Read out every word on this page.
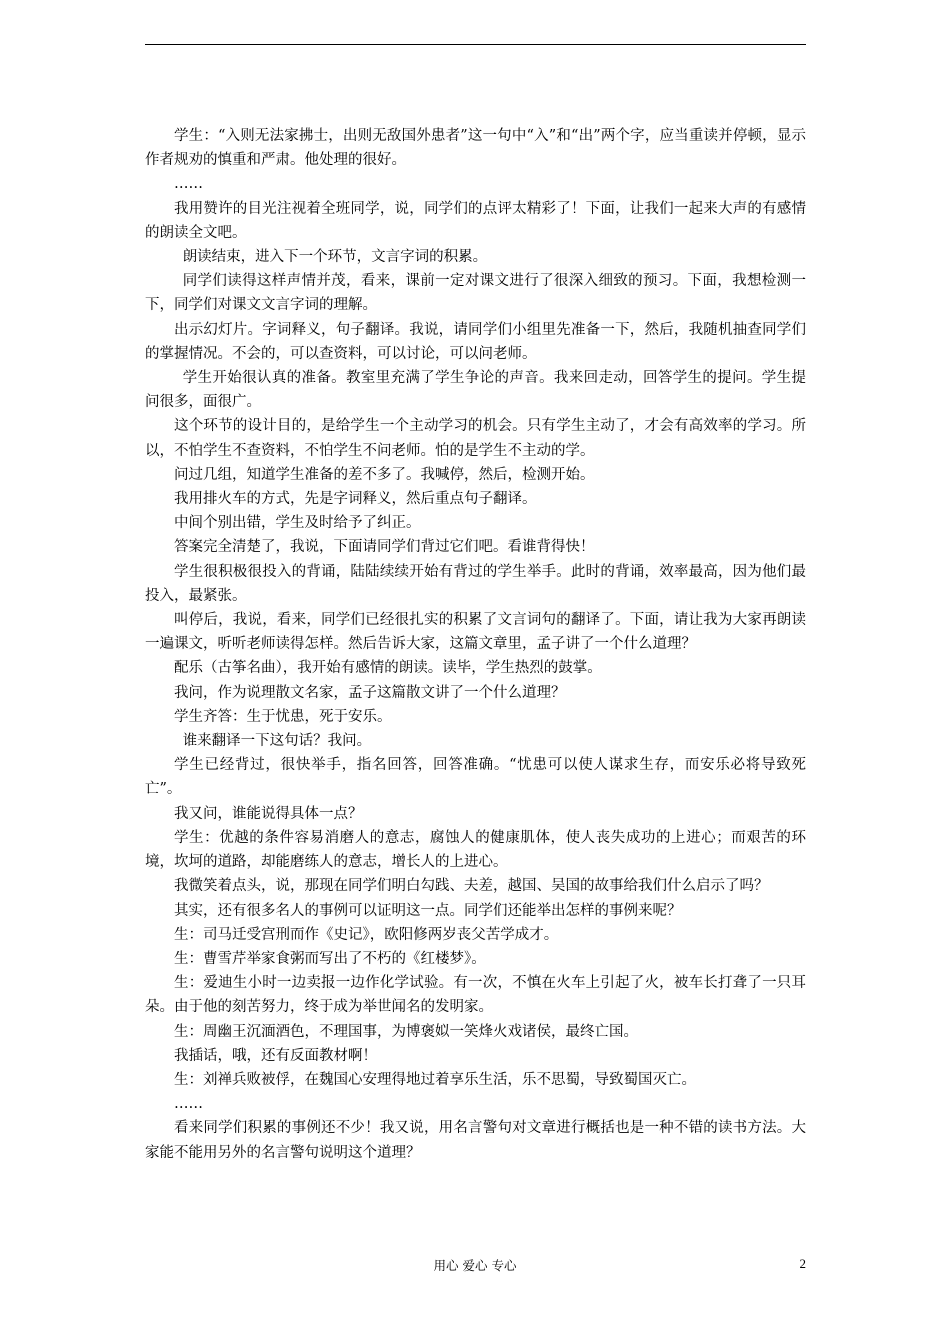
学生：“入则无法家拂士，出则无敌国外患者”这一句中“入”和“出”两个字，应当重读并停顿，显示作者规劝的慎重和严肃。他处理的很好。

……

我用赞许的目光注视着全班同学，说，同学们的点评太精彩了！下面，让我们一起来大声的有感情的朗读全文吧。

朗读结束，进入下一个环节，文言字词的积累。

同学们读得这样声情并茂，看来，课前一定对课文进行了很深入细致的预习。下面，我想检测一下，同学们对课文文言字词的理解。

出示幻灯片。字词释义，句子翻译。我说，请同学们小组里先准备一下，然后，我随机抽查同学们的掌握情况。不会的，可以查资料，可以讨论，可以问老师。

学生开始很认真的准备。教室里充满了学生争论的声音。我来回走动，回答学生的提问。学生提问很多，面很广。

这个环节的设计目的，是给学生一个主动学习的机会。只有学生主动了，才会有高效率的学习。所以，不怕学生不查资料，不怕学生不问老师。怕的是学生不主动的学。

问过几组，知道学生准备的差不多了。我喊停，然后，检测开始。

我用排火车的方式，先是字词释义，然后重点句子翻译。

中间个别出错，学生及时给予了纠正。

答案完全清楚了，我说，下面请同学们背过它们吧。看谁背得快！

学生很积极很投入的背诵，陆陆续续开始有背过的学生举手。此时的背诵，效率最高，因为他们最投入，最紧张。

叫停后，我说，看来，同学们已经很扎实的积累了文言词句的翻译了。下面，请让我为大家再朗读一遍课文，听听老师读得怎样。然后告诉大家，这篇文章里，孟子讲了一个什么道理？

配乐（古筝名曲），我开始有感情的朗读。读毕，学生热烈的鼓掌。

我问，作为说理散文名家，孟子这篇散文讲了一个什么道理？

学生齐答：生于忧患，死于安乐。

谁来翻译一下这句话？我问。

学生已经背过，很快举手，指名回答，回答准确。“忧患可以使人谋求生存，而安乐必将导致死亡”。

我又问，谁能说得具体一点？

学生：优越的条件容易消磨人的意志，腐蚀人的健康肌体，使人丧失成功的上进心；而艰苦的环境，坎坷的道路，却能磨练人的意志，增长人的上进心。

我微笑着点头，说，那现在同学们明白勾践、夫差，越国、吴国的故事给我们什么启示了吗？

其实，还有很多名人的事例可以证明这一点。同学们还能举出怎样的事例来呢？

生：司马迁受宫刑而作《史记》，欧阳修两岁丧父苦学成才。

生：曹雪芹举家食粥而写出了不朽的《红楼梦》。

生：爱迪生小时一边卖报一边作化学试验。有一次，不慎在火车上引起了火，被车长打聋了一只耳朵。由于他的刻苦努力，终于成为举世闻名的发明家。

生：周幽王沉湎酒色，不理国事，为博褒姒一笑烽火戏诸侯，最终亡国。

我插话，哦，还有反面教材啊！

生：刘禅兵败被俘，在魏国心安理得地过着享乐生活，乐不思蜀，导致蜀国灭亡。

……

看来同学们积累的事例还不少！我又说，用名言警句对文章进行概括也是一种不错的读书方法。大家能不能用另外的名言警句说明这个道理？

用心 爱心 专心	2
